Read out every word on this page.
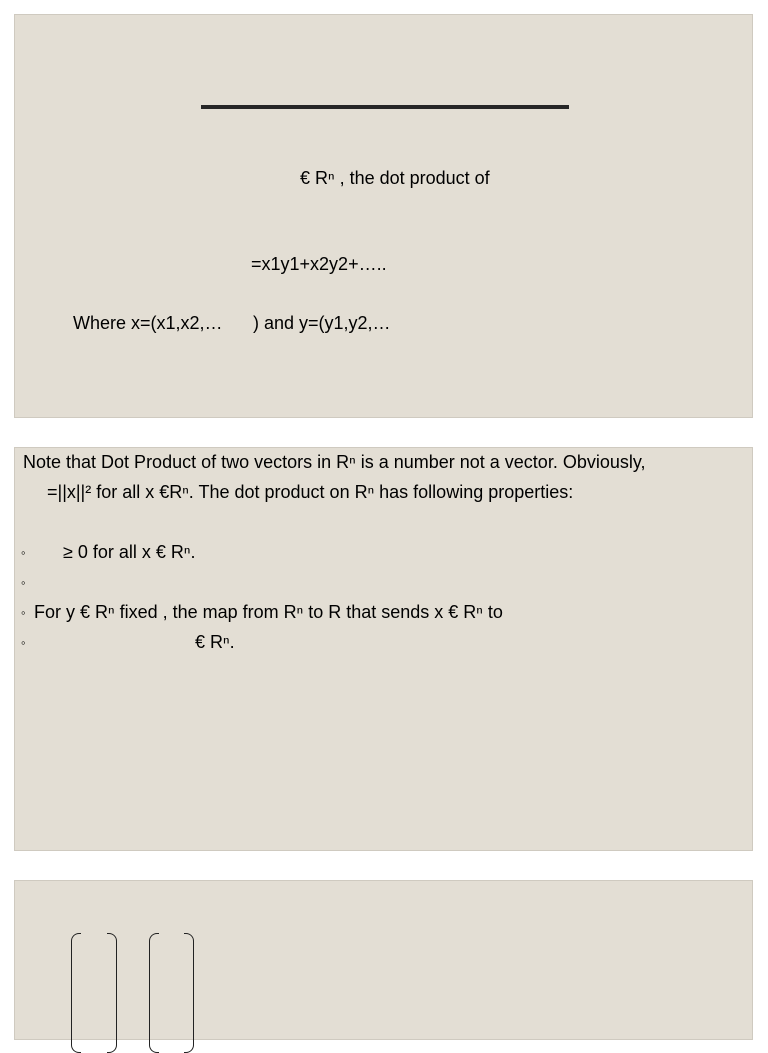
€ Rⁿ , the dot product of
=x1y1+x2y2+…..
Where x=(x1,x2,… ) and y=(y1,y2,…
Note that Dot Product of two vectors in Rⁿ is a number not a vector. Obviously,
=||x||² for all x €Rⁿ. The dot product on Rⁿ has following properties:
◦ ≥ 0 for all x € Rⁿ.
◦
◦ For y € Rⁿ fixed , the map from Rⁿ to R that sends x € Rⁿ to
◦	€ Rⁿ.
